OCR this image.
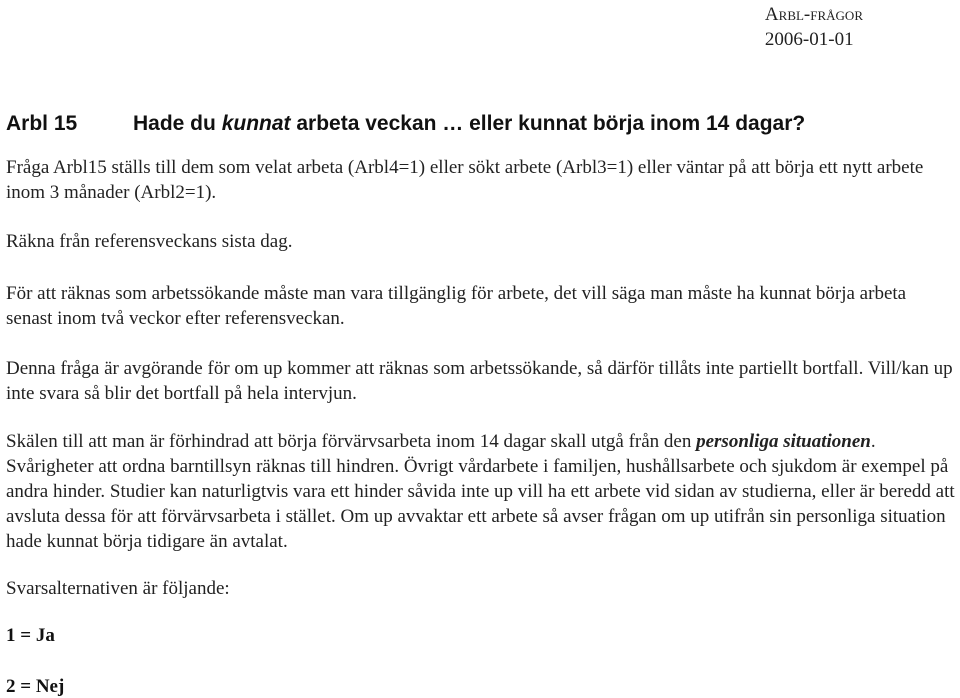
Arbl-frågor
2006-01-01
Arbl 15	Hade du kunnat arbeta veckan … eller kunnat börja inom 14 dagar?

Fråga Arbl15 ställs till dem som velat arbeta (Arbl4=1) eller sökt arbete (Arbl3=1) eller väntar på att börja ett nytt arbete inom 3 månader (Arbl2=1).

Räkna från referensveckans sista dag.

För att räknas som arbetssökande måste man vara tillgänglig för arbete, det vill säga man måste ha kunnat börja arbeta senast inom två veckor efter referensveckan.

Denna fråga är avgörande för om up kommer att räknas som arbetssökande, så därför tillåts inte partiellt bortfall. Vill/kan up inte svara så blir det bortfall på hela intervjun.

Skälen till att man är förhindrad att börja förvärvsarbeta inom 14 dagar skall utgå från den personliga situationen. Svårigheter att ordna barntillsyn räknas till hindren. Övrigt vårdarbete i familjen, hushållsarbete och sjukdom är exempel på andra hinder. Studier kan naturligtvis vara ett hinder såvida inte up vill ha ett arbete vid sidan av studierna, eller är beredd att avsluta dessa för att förvärvsarbeta i stället. Om up avvaktar ett arbete så avser frågan om up utifrån sin personliga situation hade kunnat börja tidigare än avtalat.

Svarsalternativen är följande:

1 = Ja
2 = Nej
